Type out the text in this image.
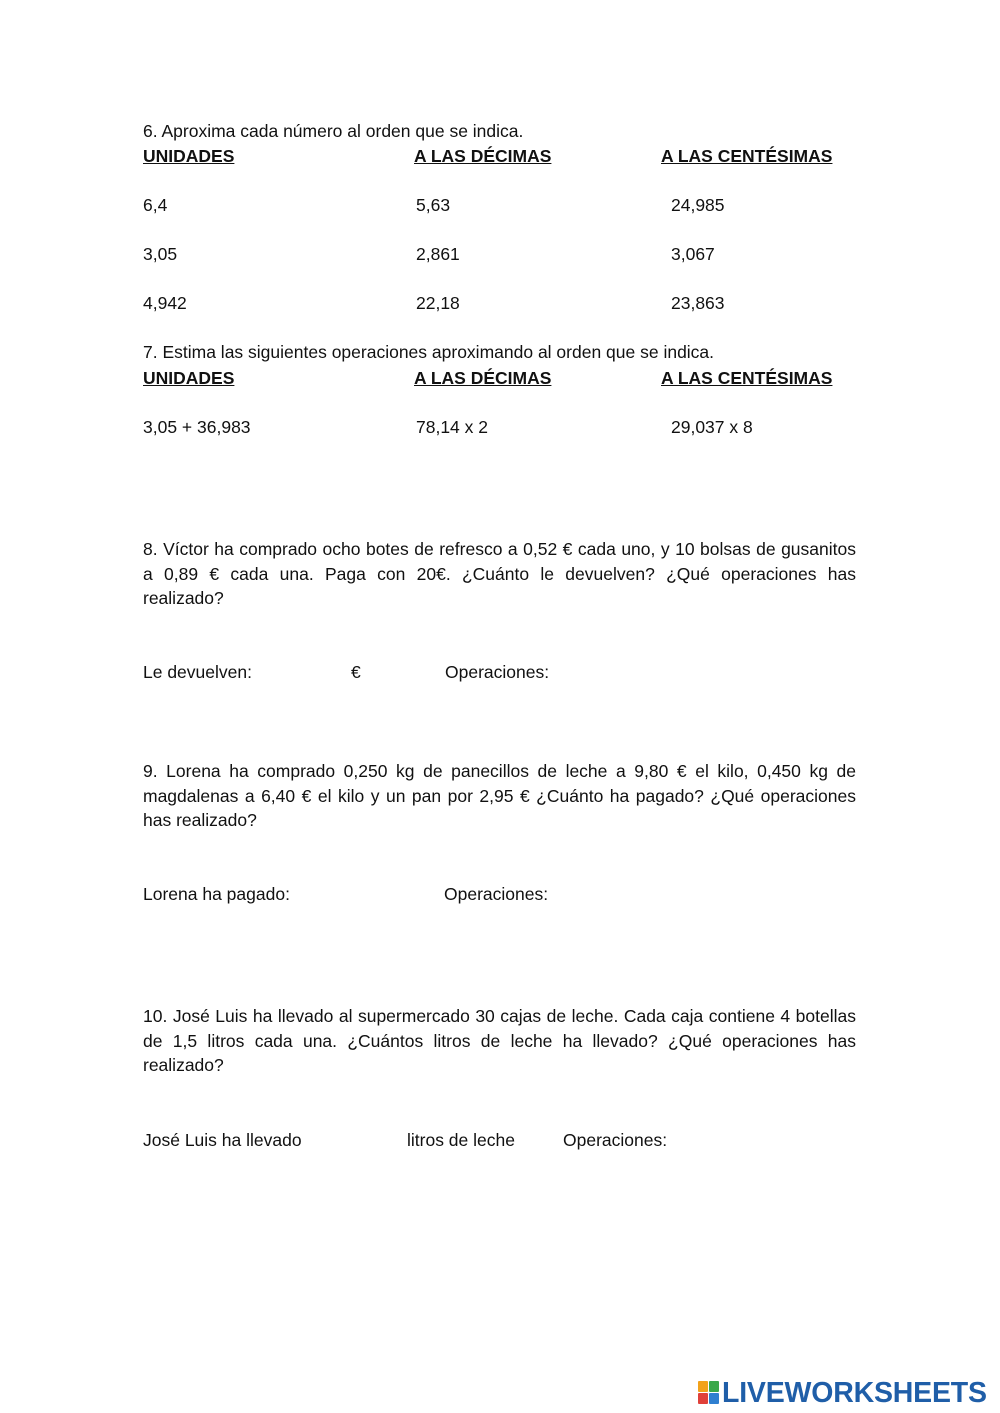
6. Aproxima cada número al orden que se indica.
UNIDADES	A LAS DÉCIMAS	A LAS CENTÉSIMAS
6,4	5,63	24,985
3,05	2,861	3,067
4,942	22,18	23,863
7. Estima las siguientes operaciones aproximando al orden que se indica.
UNIDADES	A LAS DÉCIMAS	A LAS CENTÉSIMAS
3,05 + 36,983	78,14 x 2	29,037 x 8
8. Víctor ha comprado ocho botes de refresco a 0,52 € cada uno, y 10 bolsas de gusanitos a 0,89 € cada una. Paga con 20€. ¿Cuánto le devuelven? ¿Qué operaciones has realizado?
Le devuelven:	€	Operaciones:
9. Lorena ha comprado 0,250 kg de panecillos de leche a 9,80 € el kilo, 0,450 kg de magdalenas a 6,40 € el kilo y un pan por 2,95 € ¿Cuánto ha pagado? ¿Qué operaciones has realizado?
Lorena ha pagado:	Operaciones:
10. José Luis ha llevado al supermercado 30 cajas de leche. Cada caja contiene 4 botellas de 1,5 litros cada una. ¿Cuántos litros de leche ha llevado? ¿Qué operaciones has realizado?
José Luis ha llevado	litros de leche	Operaciones:
LIVEWORKSHEETS
